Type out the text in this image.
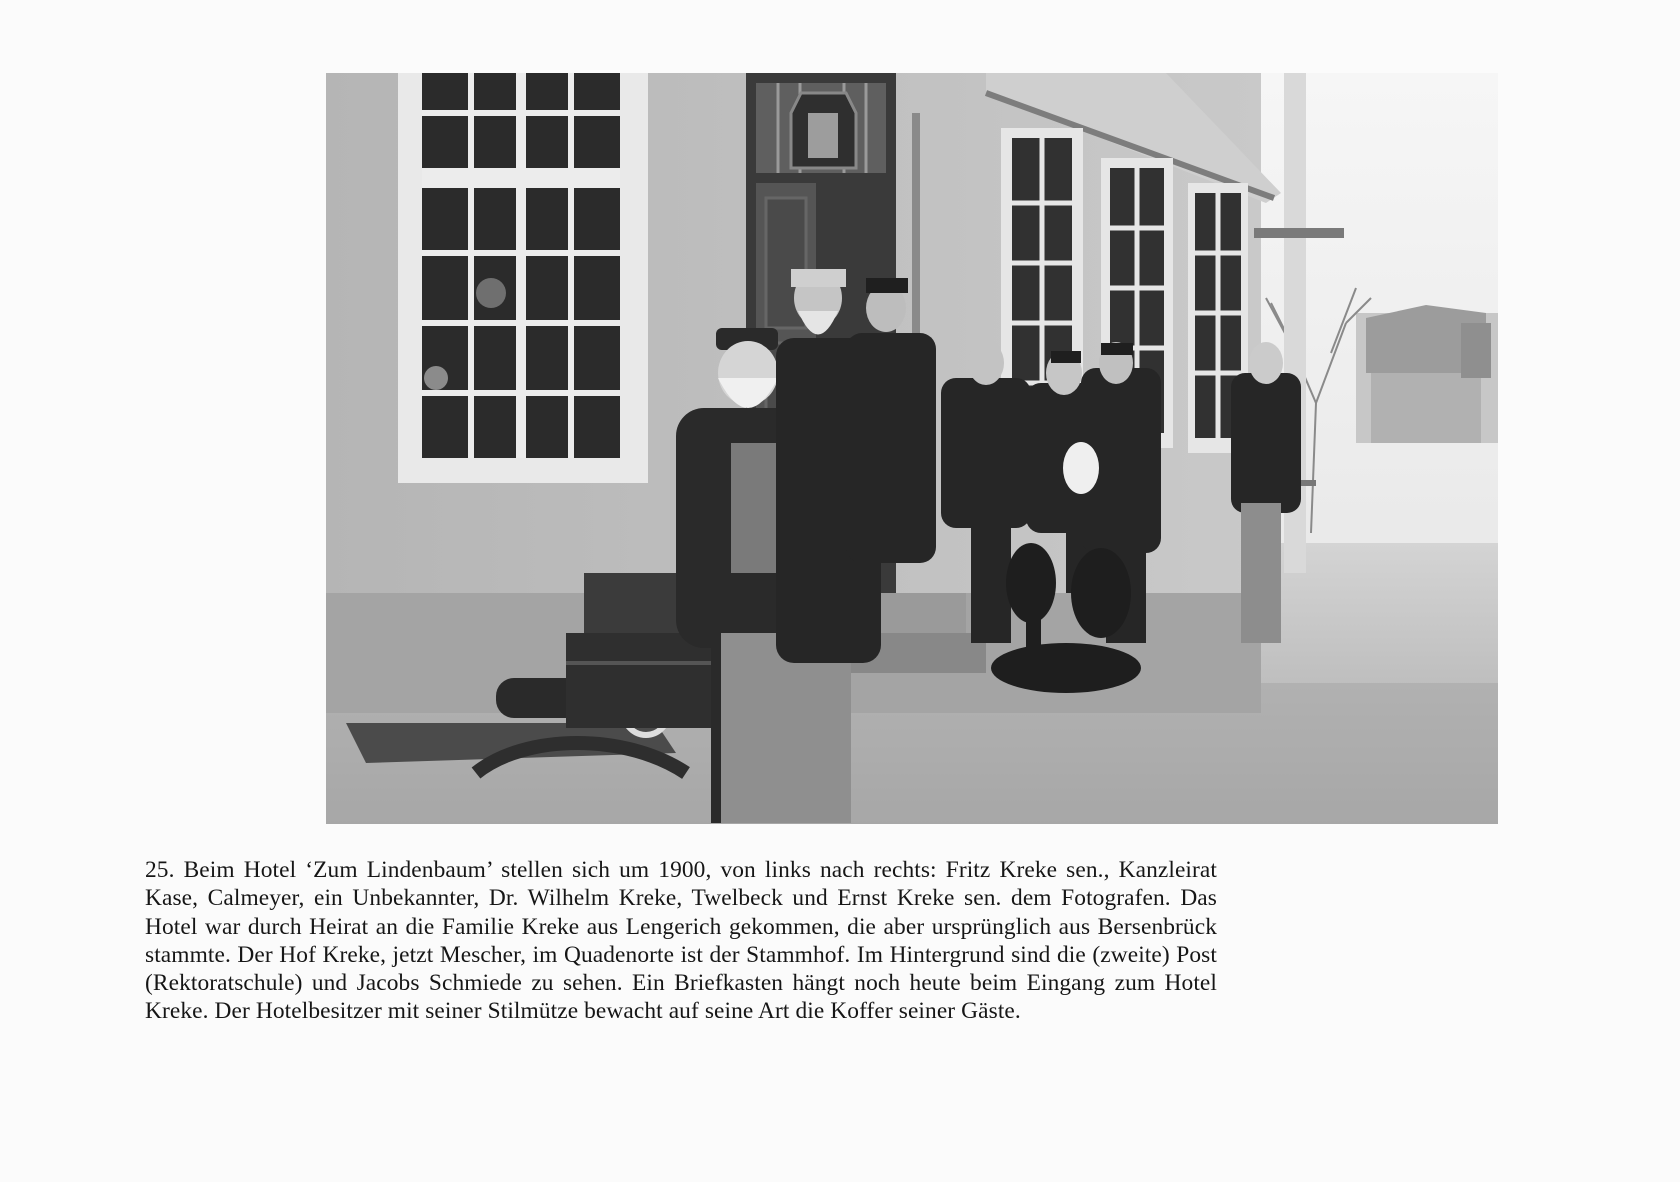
25. Beim Hotel ‘Zum Lindenbaum’ stellen sich um 1900, von links nach rechts: Fritz Kreke sen., Kanzleirat Kase, Calmeyer, ein Unbekannter, Dr. Wilhelm Kreke, Twelbeck und Ernst Kreke sen. dem Fotografen. Das Hotel war durch Heirat an die Familie Kreke aus Lengerich gekommen, die aber ursprünglich aus Bersenbrück stammte. Der Hof Kreke, jetzt Mescher, im Quadenorte ist der Stammhof. Im Hintergrund sind die (zweite) Post (Rektoratschule) und Jacobs Schmiede zu sehen. Ein Briefkasten hängt noch heute beim Eingang zum Hotel Kreke. Der Hotelbesitzer mit seiner Stilmütze bewacht auf seine Art die Koffer seiner Gäste.
